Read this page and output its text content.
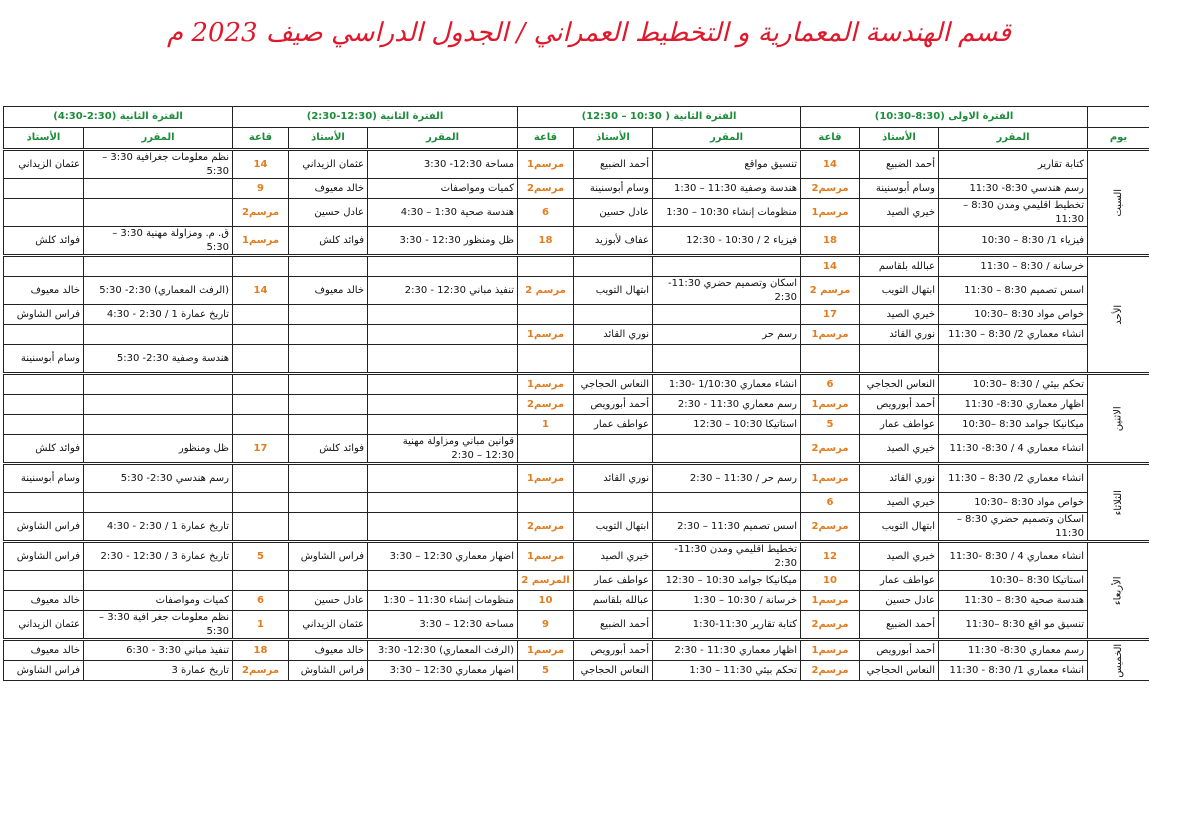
قسم الهندسة المعمارية و التخطيط العمراني / الجدول الدراسي صيف 2023 م
	الفترة الاولى (8:30-10:30)			الفترة الثانية ( 10:30 – 12:30)			الفترة الثانية (12:30-2:30)			الفترة الثانية (2:30-4:30)		
يوم	المقرر	الأستاذ	قاعة	المقرر	الأستاذ	قاعة	المقرر	الأستاذ	قاعة	المقرر	الأستاذ	
السبت	كتابة تقارير	أحمد الضبيع	14	تنسيق مواقع	أحمد الضبيع	مرسم1	مساحة 12:30- 3:30	عثمان الزيداني	14	نظم معلومات جغرافية 3:30 – 5:30	عثمان الزيداني	
	رسم هندسي 8:30- 11:30	وسام أبوسنينة	مرسم2	هندسة وصفية 11:30 – 1:30	وسام أبوسنينة	مرسم2	كميات ومواصفات	خالد معيوف	9			
	تخطيط اقليمي ومدن 8:30 – 11:30	خيري الصيد	مرسم1	منظومات إنشاء 10:30 – 1:30	عادل حسين	6	هندسة صحية 1:30 – 4:30	عادل حسين	مرسم2			
	فيزياء 1/ 8:30 – 10:30		18	فيزياء 2 / 10:30 - 12:30	عفاف لأبوزيد	18	ظل ومنظور 12:30 - 3:30	فوائد كلش	مرسم1	ق. م. ومزاولة مهنية 3:30 – 5:30	فوائد كلش	
الأحد	خرسانة / 8:30 – 11:30	عبالله بلقاسم	14									
	اسس تصميم 8:30 – 11:30	ابتهال التويب	مرسم 2	اسكان وتصميم حضري 11:30- 2:30	ابتهال التويب	مرسم 2	تنفيذ مباني 12:30 - 2:30	خالد معيوف	14	(الرفث المعماري) 2:30- 5:30	خالد معيوف	
	خواص مواد 8:30 –10:30	خيري الصيد	17							تاريخ عمارة 1 / 2:30 - 4:30	فراس الشاوش	
	انشاء معماري 2/ 8:30 – 11:30	نوري القائد	مرسم1	رسم حر	نوري القائد	مرسم1						
										هندسة وصفية 2:30- 5:30	وسام أبوسنينة	
الاثنين	تحكم بيئي / 8:30 –10:30	النعاس الحجاجي	6	انشاء معماري 1/10:30 -1:30	النعاس الحجاجي	مرسم1						
	اظهار معماري 8:30- 11:30	أحمد أبورويص	مرسم1	رسم معماري 11:30 - 2:30	أحمد أبورويص	مرسم2						
	ميكانيكا جوامد 8:30 –10:30	عواطف عمار	5	استاتيكا 10:30 – 12:30	عواطف عمار	1						
	انشاء معماري 4 / 8:30- 11:30	خيري الصيد	مرسم2				قوانين مباني ومزاولة مهنية 12:30 – 2:30	فوائد كلش	17	ظل ومنظور	فوائد كلش	
الثلاثاء	انشاء معماري 2/ 8:30 – 11:30	نوري القائد	مرسم1	رسم حر / 11:30 – 2:30	نوري القائد	مرسم1				رسم هندسي 2:30- 5:30	وسام أبوسنينة	
	خواص مواد 8:30 –10:30	خيري الصيد	6									
	اسكان وتصميم حضري 8:30 – 11:30	ابتهال التويب	مرسم2	اسس تصميم 11:30 – 2:30	ابتهال التويب	مرسم2				تاريخ عمارة 1 / 2:30 - 4:30	فراس الشاوش	
الأربعاء	انشاء معماري 4 / 8:30 -11:30	خيري الصيد	12	تخطيط اقليمي ومدن 11:30- 2:30	خيري الصيد	مرسم1	اضهار معماري 12:30 – 3:30	فراس الشاوش	5	تاريخ عمارة 3 / 12:30 - 2:30	فراس الشاوش	
	استاتيكا 8:30 –10:30	عواطف عمار	10	ميكانيكا جوامد 10:30 – 12:30	عواطف عمار	المرسم 2						
	هندسة صحية 8:30 – 11:30	عادل حسين	مرسم1	خرسانة / 10:30 – 1:30	عبالله بلقاسم	10	منظومات إنشاء 11:30 – 1:30	عادل حسين	6	كميات ومواصفات	خالد معيوف	
	تنسيق مو اقع 8:30 –11:30	أحمد الضبيع	مرسم2	كتابة تقارير 11:30-1:30	أحمد الضبيع	9	مساحة 12:30 – 3:30	عثمان الزيداني	1	نظم معلومات جغر افية 3:30 – 5:30	عثمان الزيداني	
الخميس	رسم معماري 8:30- 11:30	أحمد أبورويص	مرسم1	اظهار معماري 11:30 - 2:30	أحمد أبورويص	مرسم1	(الرفث المعماري) 12:30- 3:30	خالد معيوف	18	تنفيذ مباني 3:30 - 6:30	خالد معيوف	
	انشاء معماري 1/ 8:30 - 11:30	النعاس الحجاجي	مرسم2	تحكم بيئي 11:30 – 1:30	النعاس الحجاجي	5	اضهار معماري 12:30 – 3:30	فراس الشاوش	مرسم2	تاريخ عمارة 3	فراس الشاوش	
